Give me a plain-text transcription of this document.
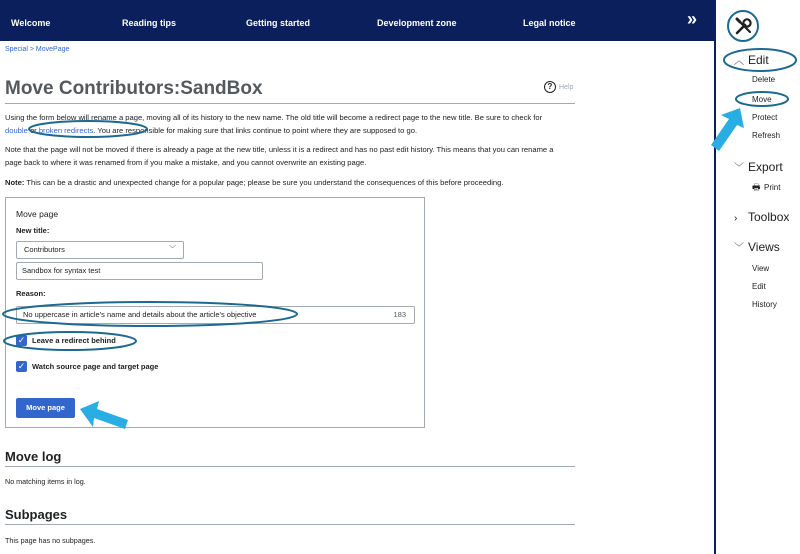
Welcome	Reading tips	Getting started	Development zone	Legal notice	»
︿ Edit
Delete
Move
Protect
Refresh
﹀ Export
🖶 Print
› Toolbox
﹀ Views
View
Edit
History
Special > MovePage
Move Contributors:SandBox	? Help
Using the form below will rename a page, moving all of its history to the new name. The old title will become a redirect page to the new title. Be sure to check for double or broken redirects. You are responsible for making sure that links continue to point where they are supposed to go.
Note that the page will not be moved if there is already a page at the new title, unless it is a redirect and has no past edit history. This means that you can rename a page back to where it was renamed from if you make a mistake, and you cannot overwrite an existing page.
Note: This can be a drastic and unexpected change for a popular page; please be sure you understand the consequences of this before proceeding.
Move page
New title:
Contributors	﹀
Sandbox for syntax test
Reason:
No uppercase in article's name and details about the article's objective	183
✓ Leave a redirect behind
✓ Watch source page and target page
Move page
Move log
No matching items in log.
Subpages
This page has no subpages.
